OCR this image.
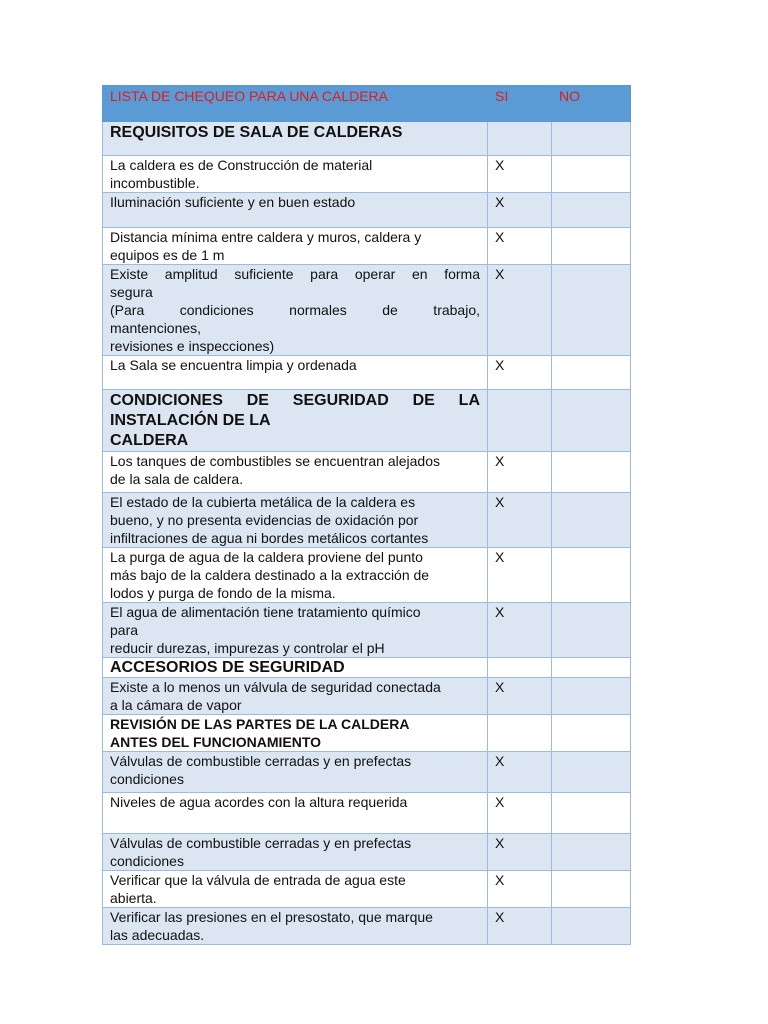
LISTA DE CHEQUEO PARA UNA CALDERA	SI	NO
REQUISITOS DE SALA DE CALDERAS		
La caldera es de Construcción de material
incombustible.	X	
Iluminación suficiente y en buen estado	X	
Distancia mínima entre caldera y muros, caldera y
equipos es de 1 m	X	

Existe amplitud suficiente para operar en forma
segura
(Para condiciones normales de trabajo,
mantenciones,
revisiones e inspecciones)	X	
La Sala se encuentra limpia y ordenada	X	

CONDICIONES DE SEGURIDAD DE LA
INSTALACIÓN DE LA
CALDERA		

Los tanques de combustibles se encuentran alejados
de la sala de caldera.	X	
El estado de la cubierta metálica de la caldera es
bueno, y no presenta evidencias de oxidación por
infiltraciones de agua ni bordes metálicos cortantes	X	
La purga de agua de la caldera proviene del punto
más bajo de la caldera destinado a la extracción de
lodos y purga de fondo de la misma.	X	
El agua de alimentación tiene tratamiento químico
para
reducir durezas, impurezas y controlar el pH	X	
ACCESORIOS DE SEGURIDAD		
Existe a lo menos un válvula de seguridad conectada
a la cámara de vapor	X	
REVISIÓN DE LAS PARTES DE LA CALDERA
ANTES DEL FUNCIONAMIENTO		
Válvulas de combustible cerradas y en prefectas
condiciones	X	
Niveles de agua acordes con la altura requerida	X	
Válvulas de combustible cerradas y en prefectas
condiciones	X	
Verificar que la válvula de entrada de agua este
abierta.	X	
Verificar las presiones en el presostato, que marque
las adecuadas.	X	
